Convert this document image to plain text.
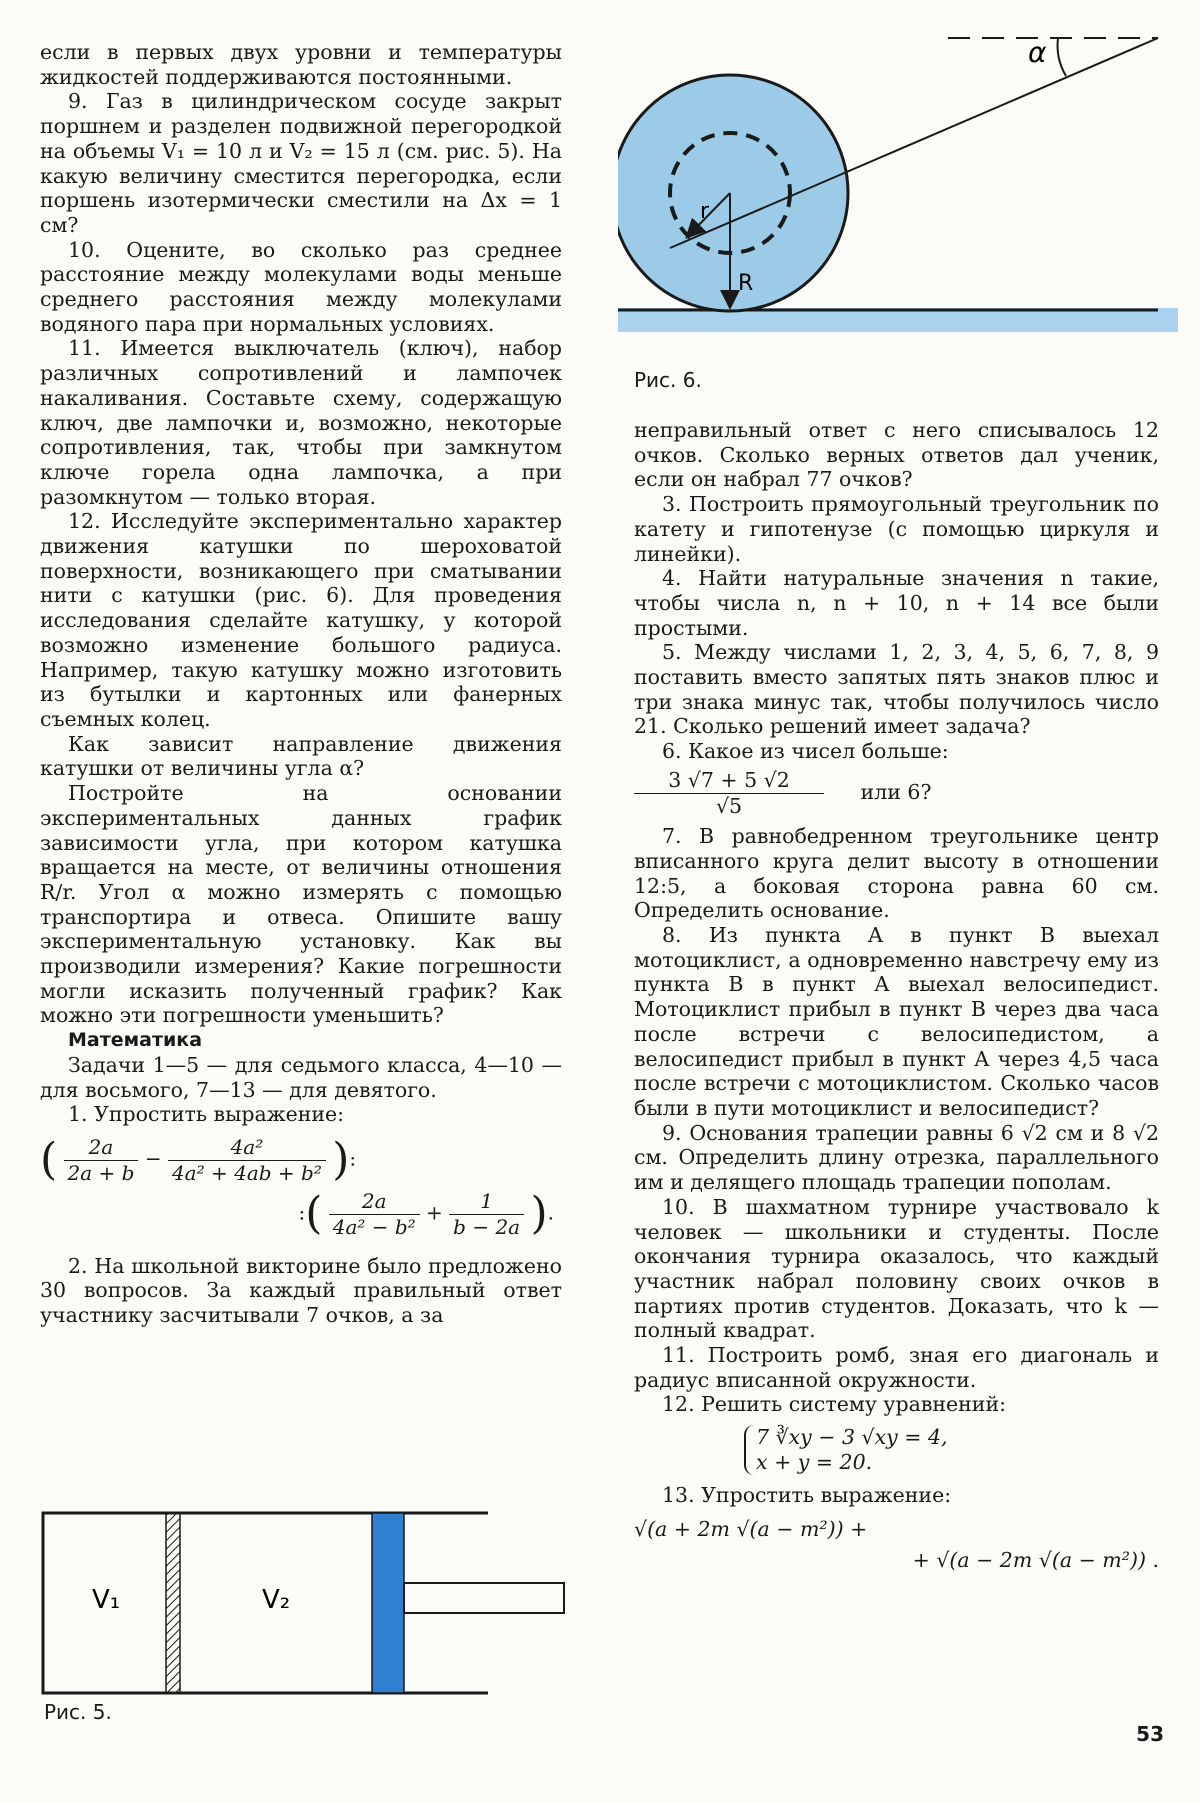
r
R
α
Рис. 6.

если в первых двух уровни и температуры жидкостей поддерживаются постоянными.

9. Газ в цилиндрическом сосуде закрыт поршнем и разделен подвижной перегородкой на объемы V₁ = 10 л и V₂ = 15 л (см. рис. 5). На какую величину сместится перегородка, если поршень изотермически сместили на Δx = 1 см?

10. Оцените, во сколько раз среднее расстояние между молекулами воды меньше среднего расстояния между молекулами водяного пара при нормальных условиях.

11. Имеется выключатель (ключ), набор различных сопротивлений и лампочек накаливания. Составьте схему, содержащую ключ, две лампочки и, возможно, некоторые сопротивления, так, чтобы при замкнутом ключе горела одна лампочка, а при разомкнутом — только вторая.

12. Исследуйте экспериментально характер движения катушки по шероховатой поверхности, возникающего при сматывании нити с катушки (рис. 6). Для проведения исследования сделайте катушку, у которой возможно изменение большого радиуса. Например, такую катушку можно изготовить из бутылки и картонных или фанерных съемных колец.

Как зависит направление движения катушки от величины угла α?

Постройте на основании экспериментальных данных график зависимости угла, при котором катушка вращается на месте, от величины отношения R/r. Угол α можно измерять с помощью транспортира и отвеса. Опишите вашу экспериментальную установку. Как вы производили измерения? Какие погрешности могли исказить полученный график? Как можно эти погрешности уменьшить?

Математика

Задачи 1—5 — для седьмого класса, 4—10 — для восьмого, 7—13 — для девятого.

1. Упростить выражение:

( $\frac{2a}{2a + b} - \frac{\text{4a²}}{\text{4a² + 4ab + b²}}$ ):
:( $\frac{2a}{\text{4a² − b²}} + \frac{1}{b - 2a}$ ).

2. На школьной викторине было предложено 30 вопросов. За каждый правильный ответ участнику засчитывали 7 очков, а за

V₁	V₂
Рис. 5.

неправильный ответ с него списывалось 12 очков. Сколько верных ответов дал ученик, если он набрал 77 очков?

3. Построить прямоугольный треугольник по катету и гипотенузе (с помощью циркуля и линейки).

4. Найти натуральные значения n такие, чтобы числа n, n + 10, n + 14 все были простыми.

5. Между числами 1, 2, 3, 4, 5, 6, 7, 8, 9 поставить вместо запятых пять знаков плюс и три знака минус так, чтобы получилось число 21. Сколько решений имеет задача?

6. Какое из чисел больше:

$\frac{3 √7 + 5 √2}{√5}$ или 6?

7. В равнобедренном треугольнике центр вписанного круга делит высоту в отношении 12:5, а боковая сторона равна 60 см. Определить основание.

8. Из пункта A в пункт B выехал мотоциклист, а одновременно навстречу ему из пункта B в пункт A выехал велосипедист. Мотоциклист прибыл в пункт B через два часа после встречи с велосипедистом, а велосипедист прибыл в пункт A через 4,5 часа после встречи с мотоциклистом. Сколько часов были в пути мотоциклист и велосипедист?

9. Основания трапеции равны 6 √2 см и 8 √2 см. Определить длину отрезка, параллельного им и делящего площадь трапеции пополам.

10. В шахматном турнире участвовало k человек — школьники и студенты. После окончания турнира оказалось, что каждый участник набрал половину своих очков в партиях против студентов. Доказать, что k — полный квадрат.

11. Построить ромб, зная его диагональ и радиус вписанной окружности.

12. Решить систему уравнений:

7 ∛xy − 3 √xy = 4,
x + y = 20.

13. Упростить выражение:

√(a + 2m √(a − m²)) +
+ √(a − 2m √(a − m²)) .
53
